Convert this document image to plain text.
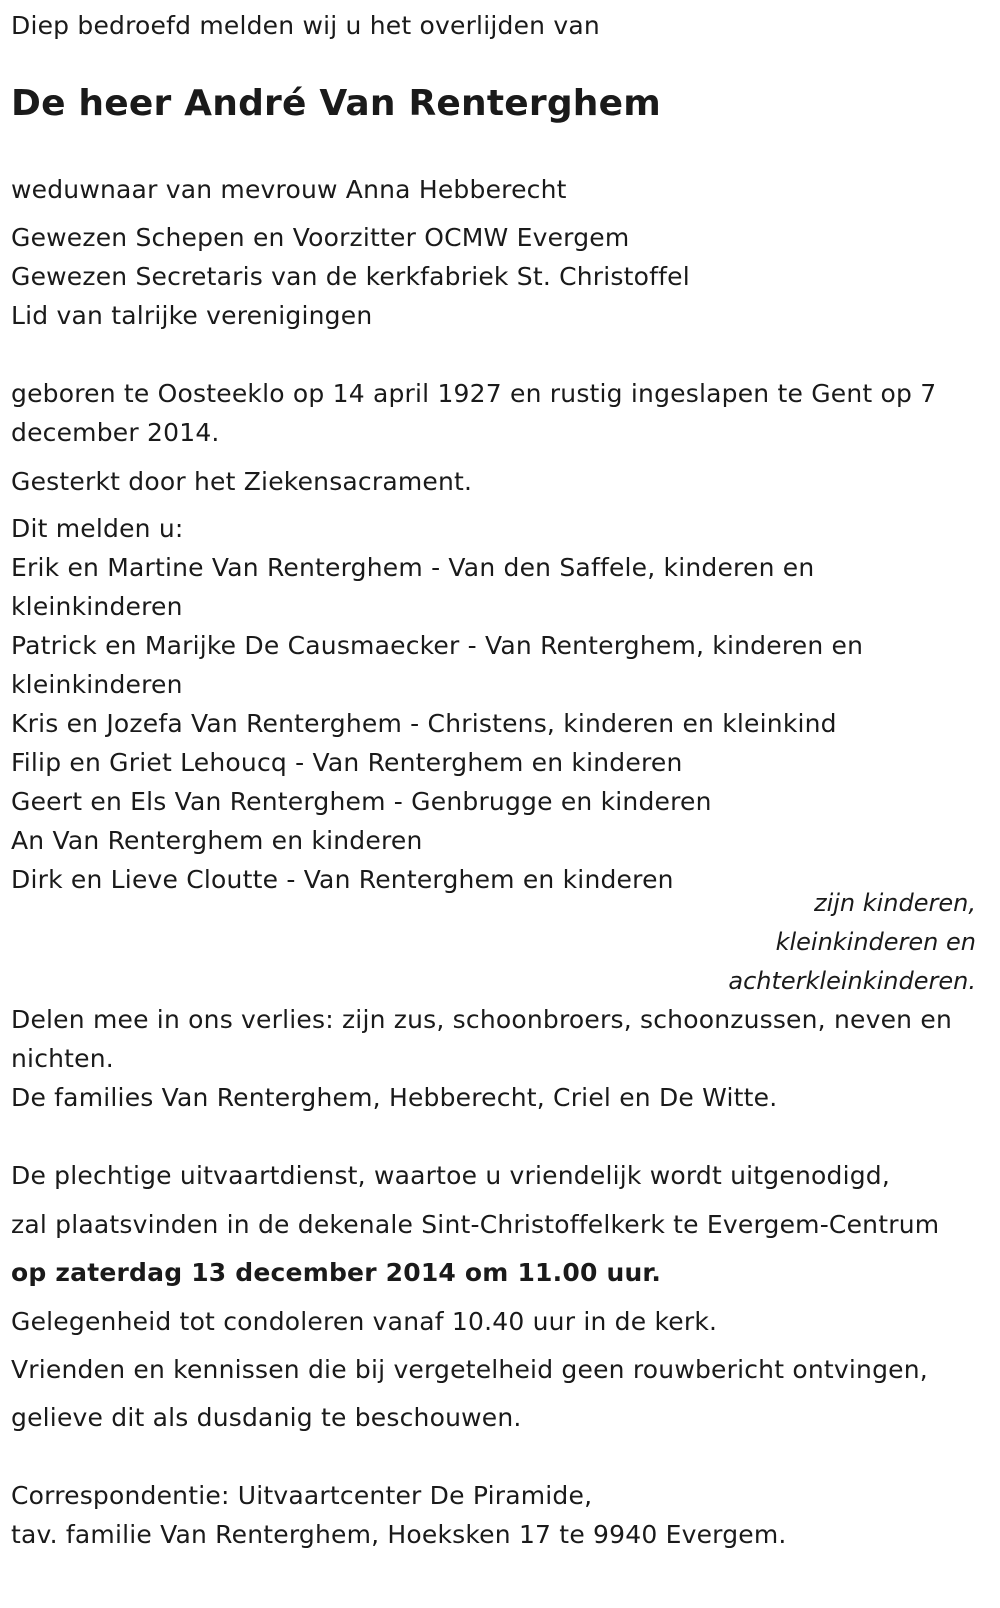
Diep bedroefd melden wij u het overlijden van
De heer André Van Renterghem
weduwnaar van mevrouw Anna Hebberecht
Gewezen Schepen en Voorzitter OCMW Evergem
Gewezen Secretaris van de kerkfabriek St. Christoffel
Lid van talrijke verenigingen
geboren te Oosteeklo op 14 april 1927 en rustig ingeslapen te Gent op 7
december 2014.
Gesterkt door het Ziekensacrament.
Dit melden u:
Erik en Martine Van Renterghem - Van den Saffele, kinderen en
kleinkinderen
Patrick en Marijke De Causmaecker - Van Renterghem, kinderen en
kleinkinderen
Kris en Jozefa Van Renterghem - Christens, kinderen en kleinkind
Filip en Griet Lehoucq - Van Renterghem en kinderen
Geert en Els Van Renterghem - Genbrugge en kinderen
An Van Renterghem en kinderen
Dirk en Lieve Cloutte - Van Renterghem en kinderen
zijn kinderen,
kleinkinderen en
achterkleinkinderen.
Delen mee in ons verlies: zijn zus, schoonbroers, schoonzussen, neven en
nichten.
De families Van Renterghem, Hebberecht, Criel en De Witte.
De plechtige uitvaartdienst, waartoe u vriendelijk wordt uitgenodigd,
zal plaatsvinden in de dekenale Sint-Christoffelkerk te Evergem-Centrum
op zaterdag 13 december 2014 om 11.00 uur.
Gelegenheid tot condoleren vanaf 10.40 uur in de kerk.
Vrienden en kennissen die bij vergetelheid geen rouwbericht ontvingen,
gelieve dit als dusdanig te beschouwen.
Correspondentie: Uitvaartcenter De Piramide,
tav. familie Van Renterghem, Hoeksken 17 te 9940 Evergem.
